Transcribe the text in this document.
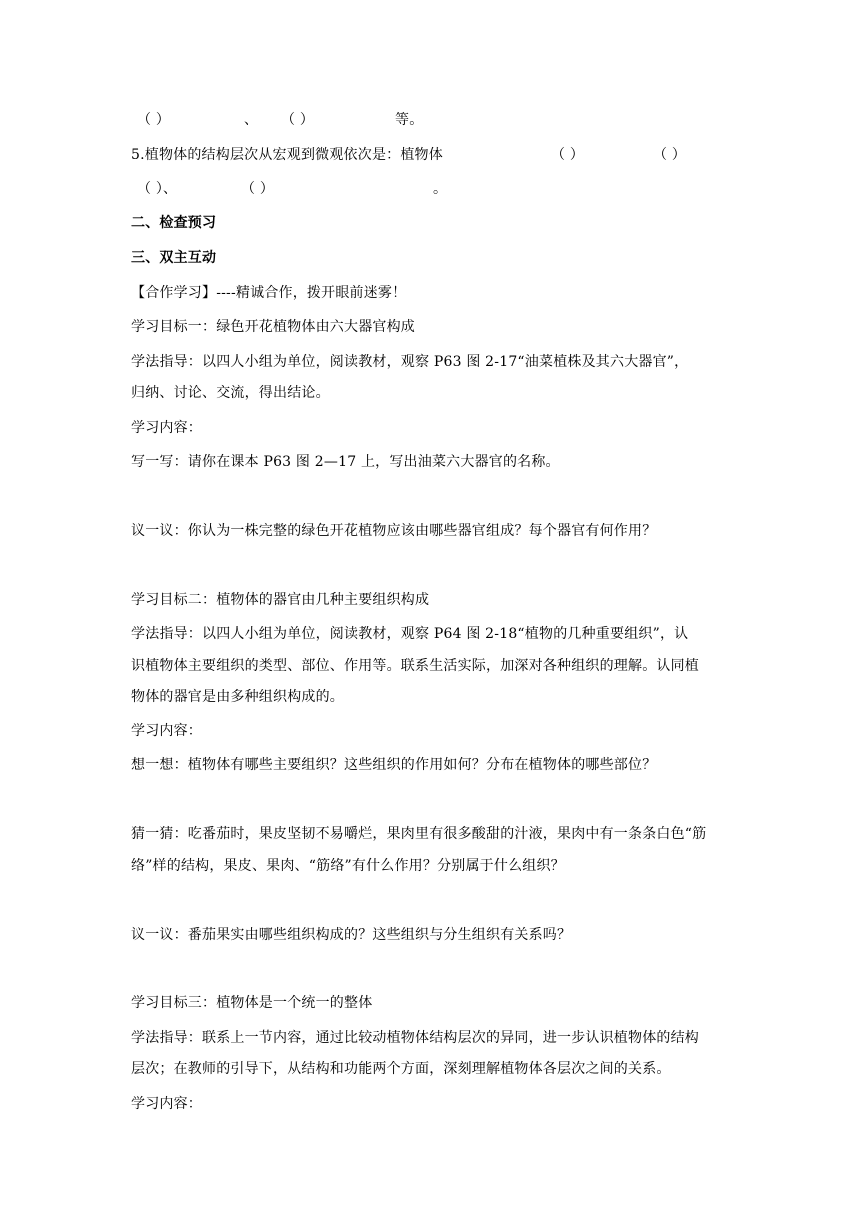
（ ）	、 （ ）	等。
5.植物体的结构层次从宏观到微观依次是：植物体	（ ）	（ ）
（ ）、	（ ）	。
二、检查预习
三、双主互动
【合作学习】----精诚合作，拨开眼前迷雾！
学习目标一：绿色开花植物体由六大器官构成
学法指导：以四人小组为单位，阅读教材，观察 P63 图 2-17“油菜植株及其六大器官”，
归纳、讨论、交流，得出结论。
学习内容：
写一写：请你在课本 P63 图 2—17 上，写出油菜六大器官的名称。
议一议：你认为一株完整的绿色开花植物应该由哪些器官组成？每个器官有何作用？
学习目标二：植物体的器官由几种主要组织构成
学法指导：以四人小组为单位，阅读教材，观察 P64 图 2-18“植物的几种重要组织”，认
识植物体主要组织的类型、部位、作用等。联系生活实际，加深对各种组织的理解。认同植
物体的器官是由多种组织构成的。
学习内容：
想一想：植物体有哪些主要组织？这些组织的作用如何？分布在植物体的哪些部位？
猜一猜：吃番茄时，果皮坚韧不易嚼烂，果肉里有很多酸甜的汁液，果肉中有一条条白色“筋
络”样的结构，果皮、果肉、“筋络”有什么作用？分别属于什么组织？
议一议：番茄果实由哪些组织构成的？这些组织与分生组织有关系吗？
学习目标三：植物体是一个统一的整体
学法指导：联系上一节内容，通过比较动植物体结构层次的异同，进一步认识植物体的结构
层次；在教师的引导下，从结构和功能两个方面，深刻理解植物体各层次之间的关系。
学习内容：
